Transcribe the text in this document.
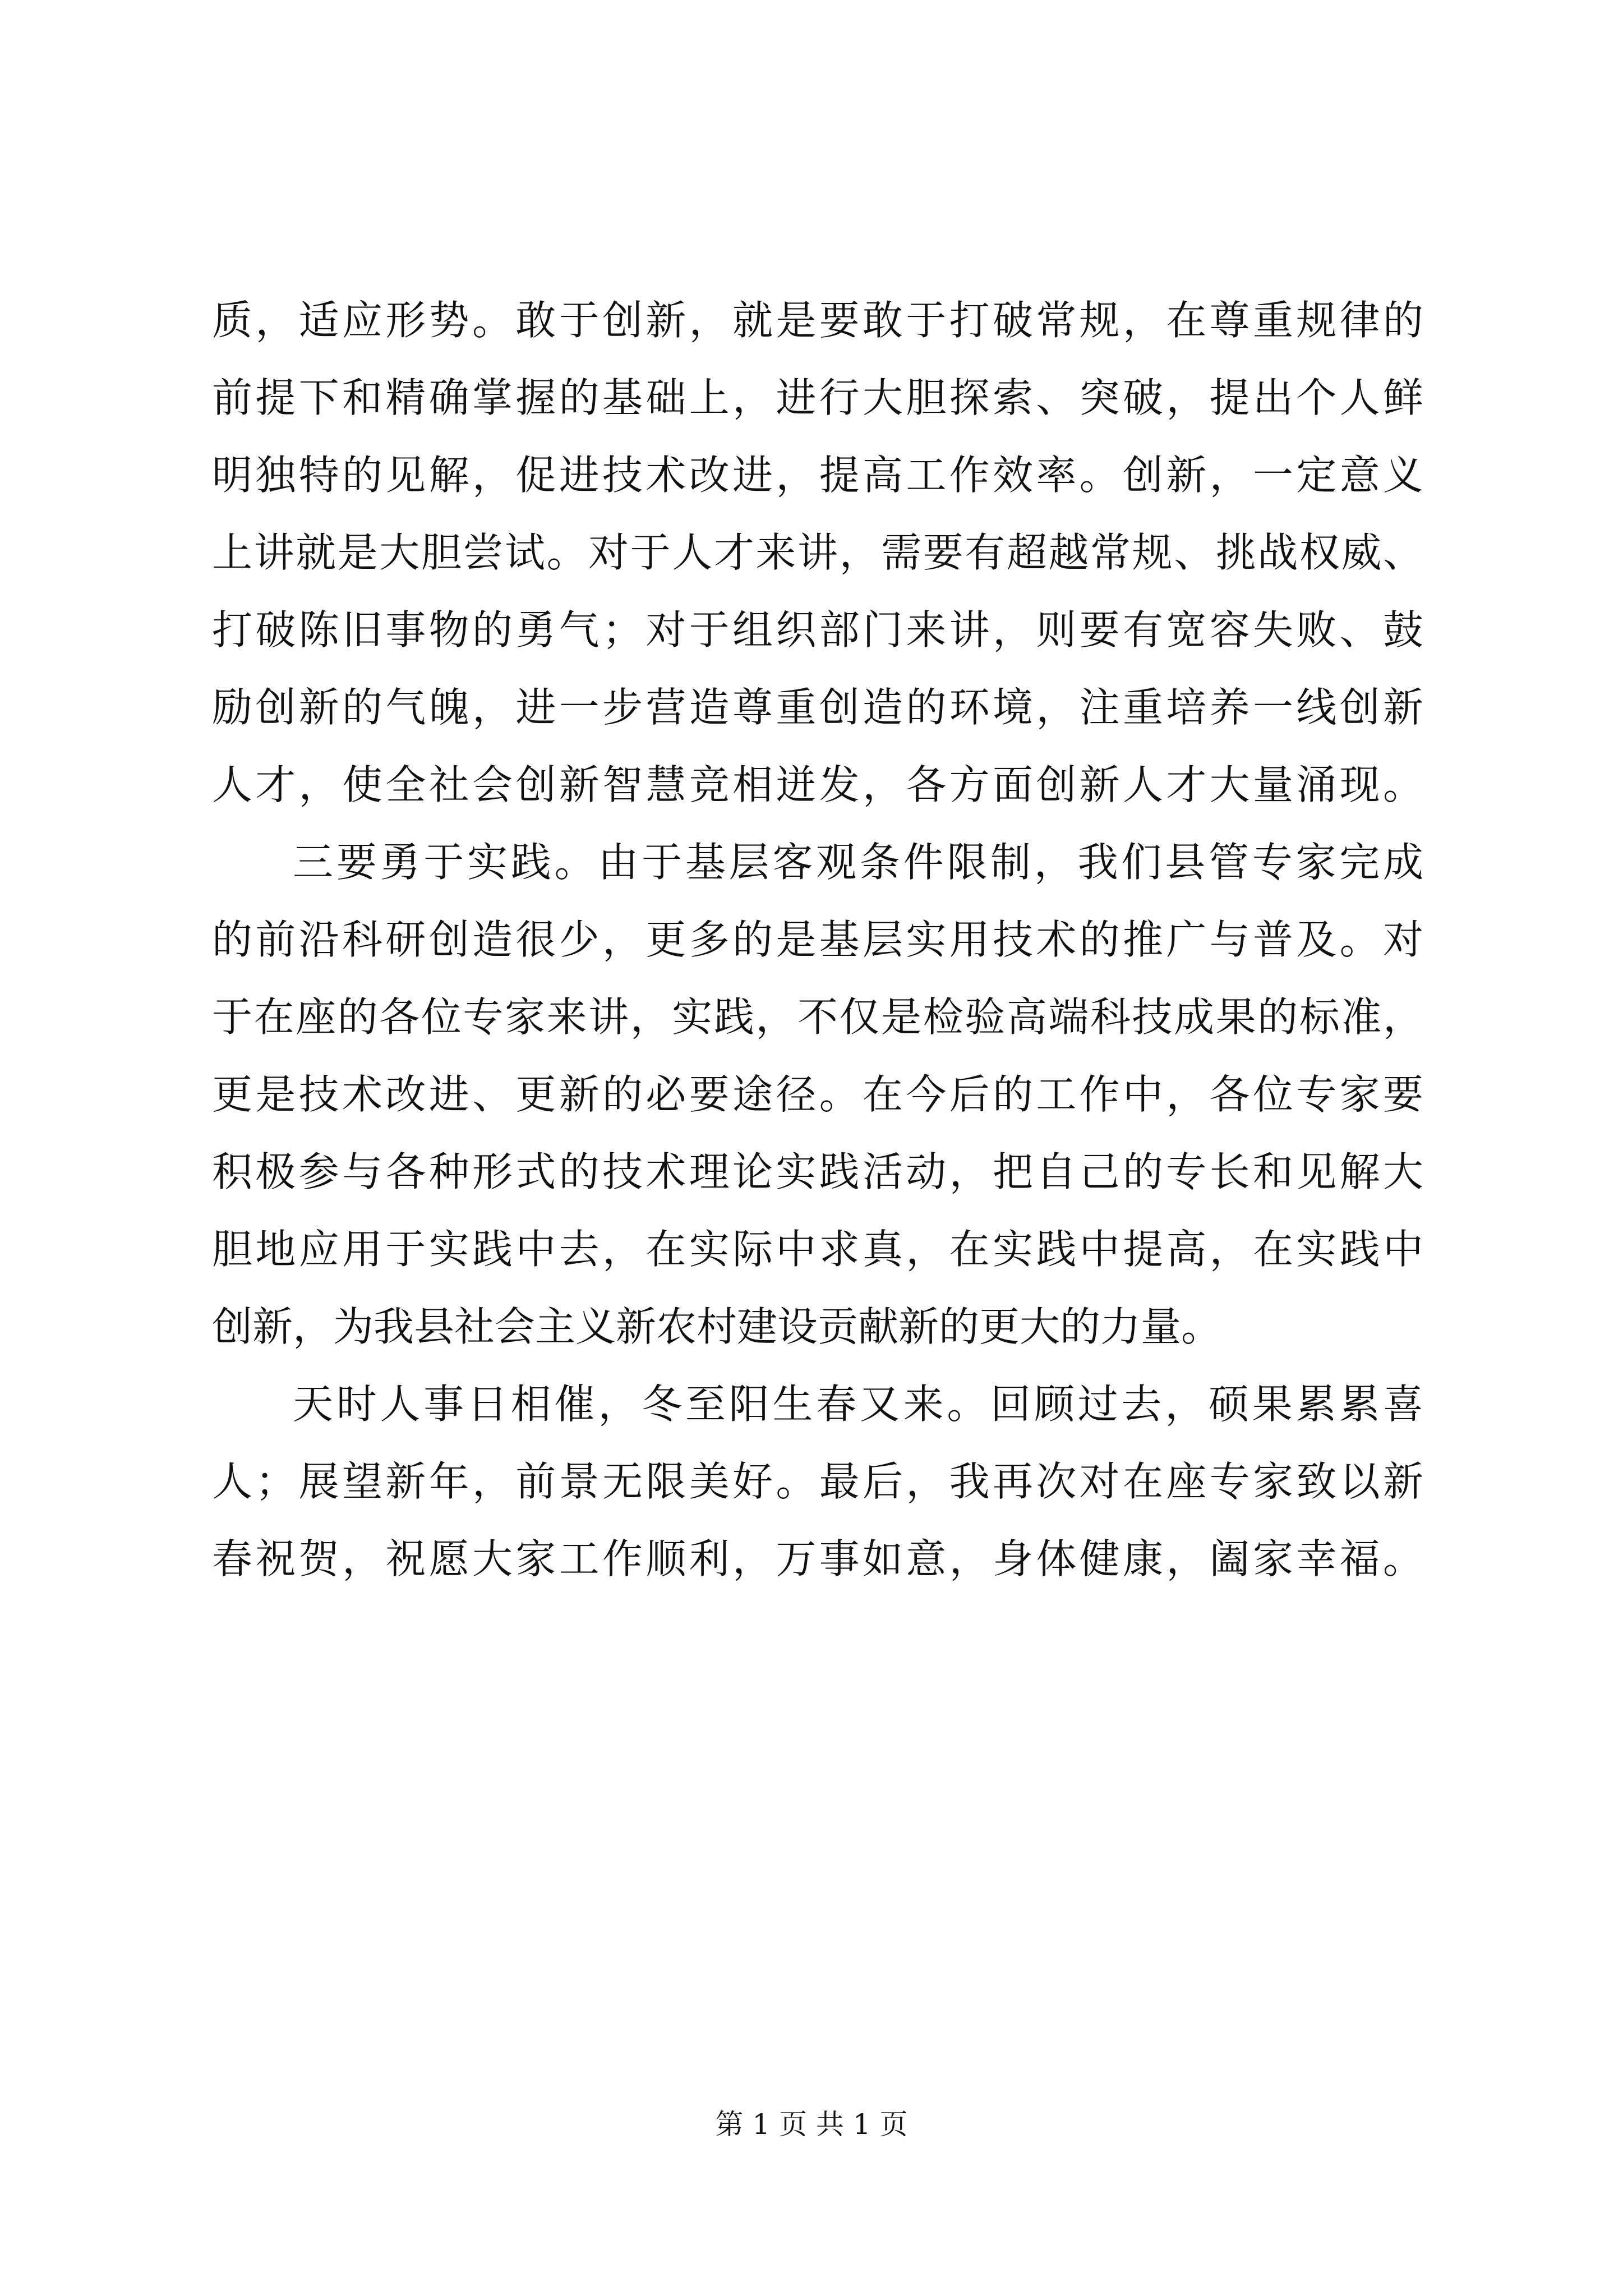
质，适应形势。敢于创新，就是要敢于打破常规，在尊重规律的
前提下和精确掌握的基础上，进行大胆探索、突破，提出个人鲜
明独特的见解，促进技术改进，提高工作效率。创新，一定意义
上讲就是大胆尝试。对于人才来讲，需要有超越常规、挑战权威、
打破陈旧事物的勇气；对于组织部门来讲，则要有宽容失败、鼓
励创新的气魄，进一步营造尊重创造的环境，注重培养一线创新
人才，使全社会创新智慧竞相迸发，各方面创新人才大量涌现。
三要勇于实践。由于基层客观条件限制，我们县管专家完成
的前沿科研创造很少，更多的是基层实用技术的推广与普及。对
于在座的各位专家来讲，实践，不仅是检验高端科技成果的标准，
更是技术改进、更新的必要途径。在今后的工作中，各位专家要
积极参与各种形式的技术理论实践活动，把自己的专长和见解大
胆地应用于实践中去，在实际中求真，在实践中提高，在实践中
创新，为我县社会主义新农村建设贡献新的更大的力量。
天时人事日相催，冬至阳生春又来。回顾过去，硕果累累喜
人；展望新年，前景无限美好。最后，我再次对在座专家致以新
春祝贺，祝愿大家工作顺利，万事如意，身体健康，阖家幸福。
第 1 页 共 1 页
